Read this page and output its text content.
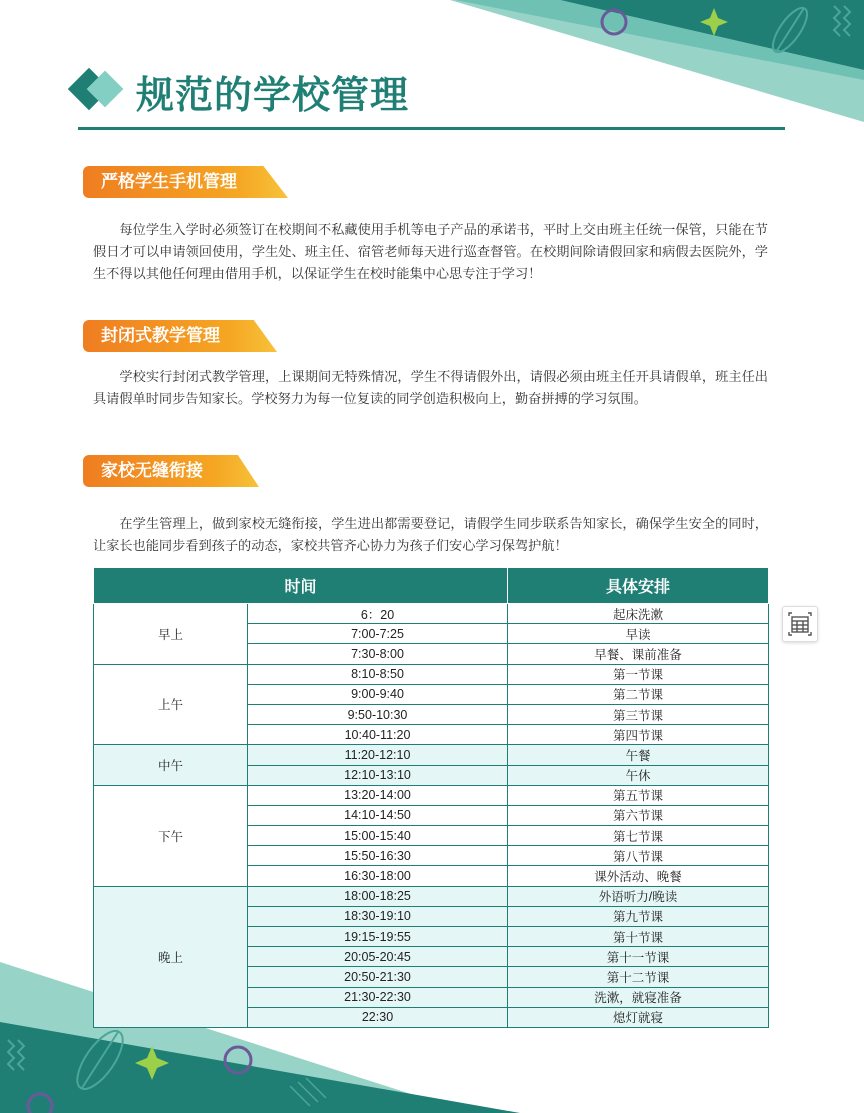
规范的学校管理
严格学生手机管理
每位学生入学时必须签订在校期间不私藏使用手机等电子产品的承诺书，平时上交由班主任统一保管，只能在节假日才可以申请领回使用，学生处、班主任、宿管老师每天进行巡查督管。在校期间除请假回家和病假去医院外，学生不得以其他任何理由借用手机，以保证学生在校时能集中心思专注于学习！
封闭式教学管理
学校实行封闭式教学管理，上课期间无特殊情况，学生不得请假外出，请假必须由班主任开具请假单，班主任出具请假单时同步告知家长。学校努力为每一位复读的同学创造积极向上，勤奋拼搏的学习氛围。
家校无缝衔接
在学生管理上，做到家校无缝衔接，学生进出都需要登记，请假学生同步联系告知家长，确保学生安全的同时，让家长也能同步看到孩子的动态，家校共管齐心协力为孩子们安心学习保驾护航！
时间		具体安排
早上	6：20	起床洗漱
	7:00-7:25	早读
	7:30-8:00	早餐、课前准备
上午	8:10-8:50	第一节课
	9:00-9:40	第二节课
	9:50-10:30	第三节课
	10:40-11:20	第四节课
中午	11:20-12:10	午餐
	12:10-13:10	午休
下午	13:20-14:00	第五节课
	14:10-14:50	第六节课
	15:00-15:40	第七节课
	15:50-16:30	第八节课
	16:30-18:00	课外活动、晚餐
晚上	18:00-18:25	外语听力/晚读
	18:30-19:10	第九节课
	19:15-19:55	第十节课
	20:05-20:45	第十一节课
	20:50-21:30	第十二节课
	21:30-22:30	洗漱，就寝准备
	22:30	熄灯就寝
